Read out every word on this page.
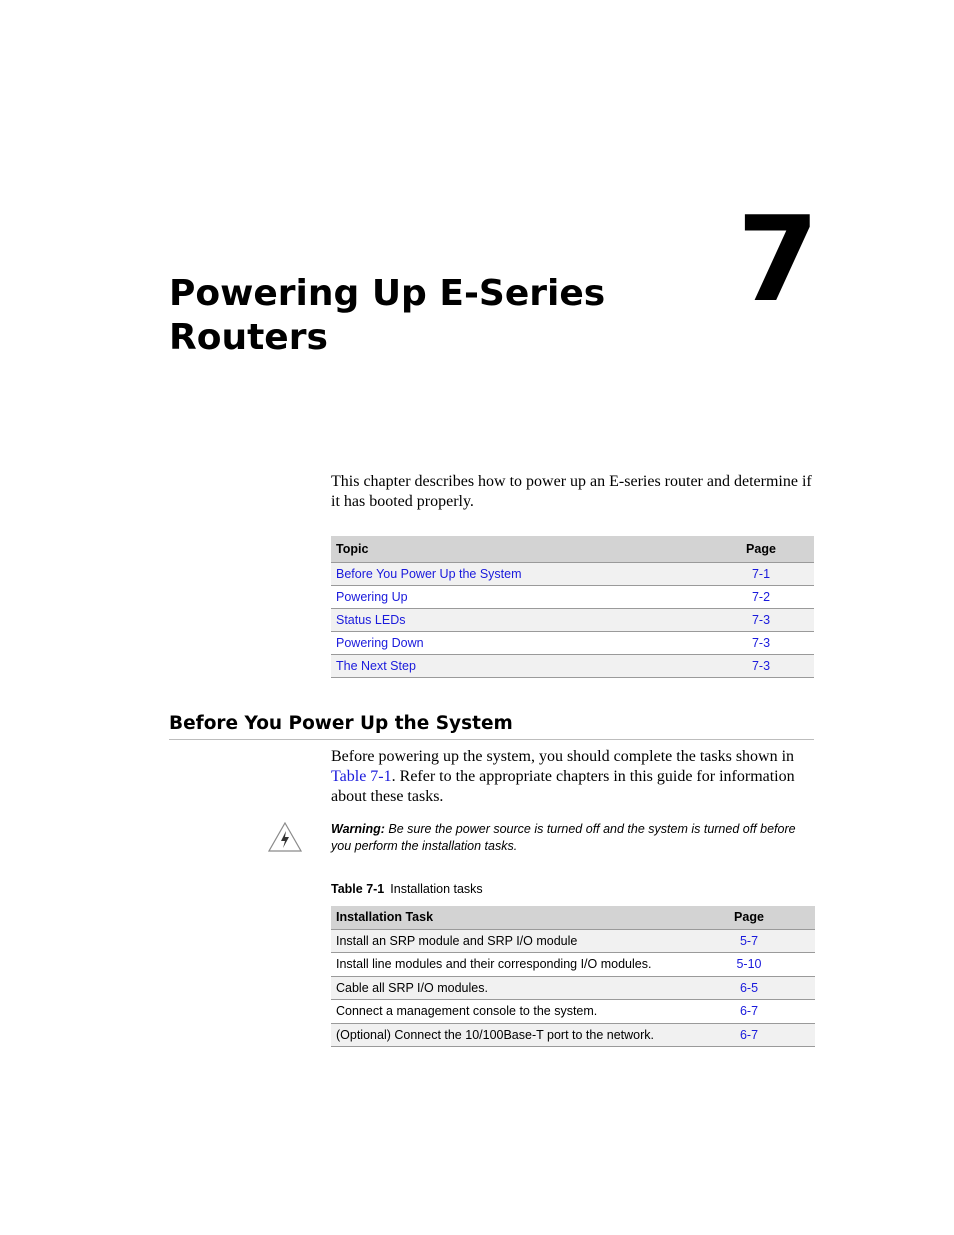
7
Powering Up E-Series
Routers

This chapter describes how to power up an E-series router and determine if it has booted properly.

Topic	Page
Before You Power Up the System	7-1
Powering Up	7-2
Status LEDs	7-3
Powering Down	7-3
The Next Step	7-3
Before You Power Up the System

Before powering up the system, you should complete the tasks shown in Table 7-1. Refer to the appropriate chapters in this guide for information about these tasks.

Warning: Be sure the power source is turned off and the system is turned off before you perform the installation tasks.

Table 7-1 Installation tasks

Installation Task	Page
Install an SRP module and SRP I/O module	5-7
Install line modules and their corresponding I/O modules.	5-10
Cable all SRP I/O modules.	6-5
Connect a management console to the system.	6-7
(Optional) Connect the 10/100Base-T port to the network.	6-7
